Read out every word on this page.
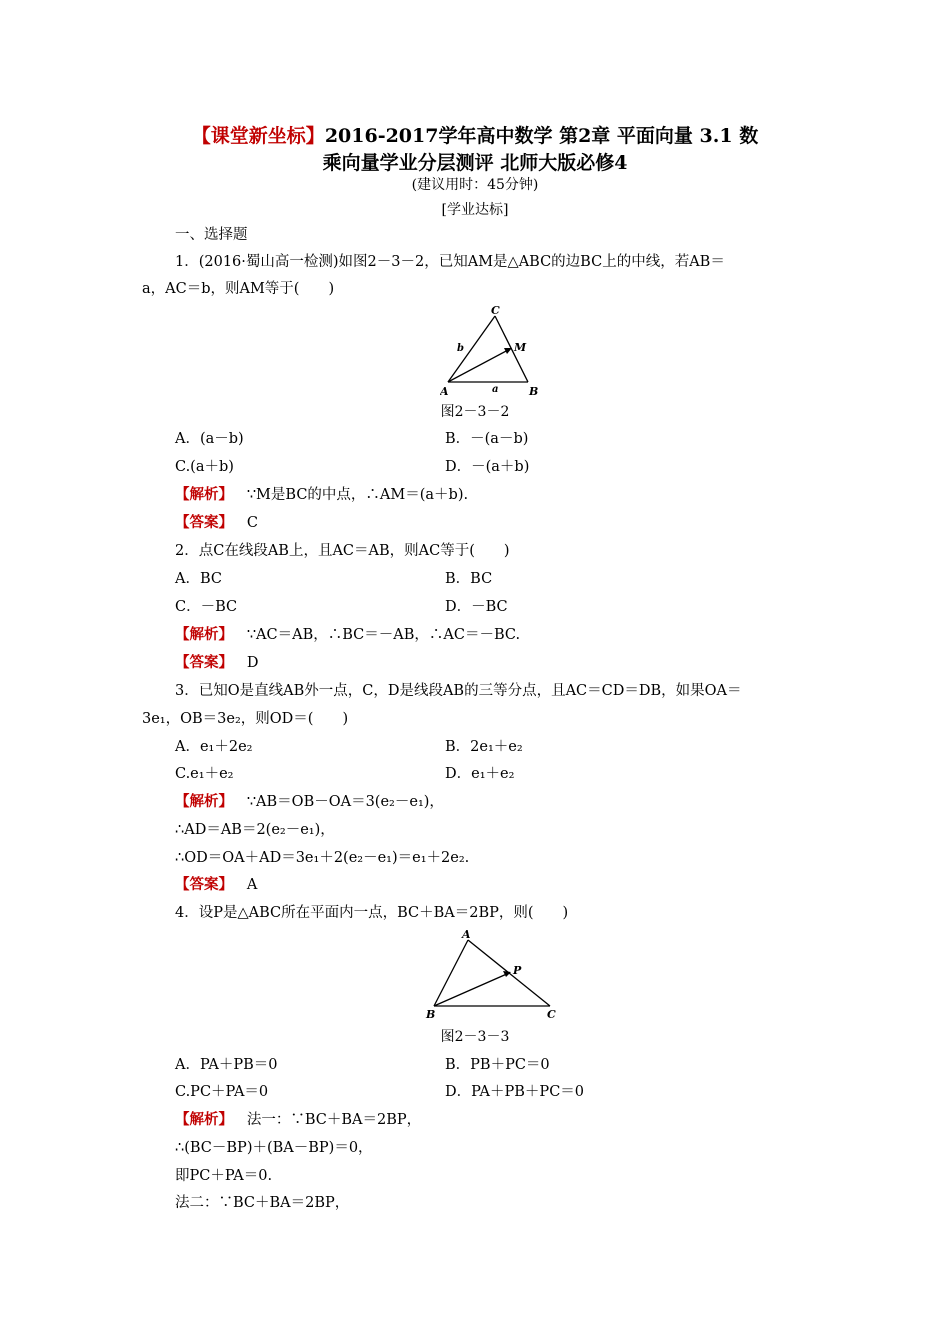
【课堂新坐标】2016-2017学年高中数学 第2章 平面向量 3.1 数
乘向量学业分层测评 北师大版必修4
(建议用时：45分钟)
[学业达标]
一、选择题
1．(2016·蜀山高一检测)如图2－3－2，已知AM是△ABC的边BC上的中线，若AB＝
a，AC＝b，则AM等于(　　)
A	B
C
M
a
b
图2－3－2
A．(a－b)	B．－(a－b)
C.(a＋b)	D．－(a＋b)
【解析】 ∵M是BC的中点，∴AM＝(a＋b).
【答案】 C
2．点C在线段AB上，且AC＝AB，则AC等于(　　)
A．BC	B．BC
C．－BC	D．－BC
【解析】 ∵AC＝AB，∴BC＝－AB，∴AC＝－BC.
【答案】 D
3．已知O是直线AB外一点，C，D是线段AB的三等分点，且AC＝CD＝DB，如果OA＝
3e₁，OB＝3e₂，则OD＝(　　)
A．e₁＋2e₂	B．2e₁＋e₂
C.e₁＋e₂	D．e₁＋e₂
【解析】 ∵AB＝OB－OA＝3(e₂－e₁)，
∴AD＝AB＝2(e₂－e₁)，
∴OD＝OA＋AD＝3e₁＋2(e₂－e₁)＝e₁＋2e₂.
【答案】 A
4．设P是△ABC所在平面内一点，BC＋BA＝2BP，则(　　)
A
B	C
P
图2－3－3
A．PA＋PB＝0	B．PB＋PC＝0
C.PC＋PA＝0	D．PA＋PB＋PC＝0
【解析】 法一：∵BC＋BA＝2BP，
∴(BC－BP)＋(BA－BP)＝0，
即PC＋PA＝0.
法二：∵BC＋BA＝2BP，
